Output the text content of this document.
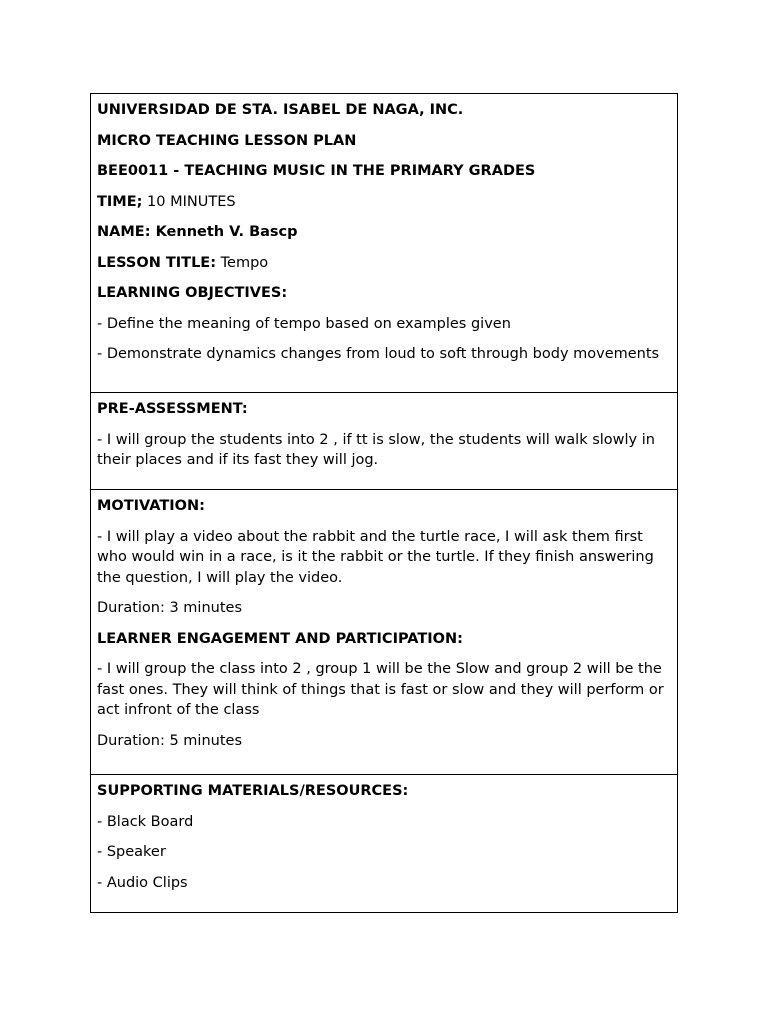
UNIVERSIDAD DE STA. ISABEL DE NAGA, INC.

MICRO TEACHING LESSON PLAN

BEE0011 - TEACHING MUSIC IN THE PRIMARY GRADES

TIME; 10 MINUTES

NAME: Kenneth V. Bascp

LESSON TITLE: Tempo

LEARNING OBJECTIVES:

- Define the meaning of tempo based on examples given

- Demonstrate dynamics changes from loud to soft through body movements

PRE-ASSESSMENT:

- I will group the students into 2 , if tt is slow, the students will walk slowly in their places and if its fast they will jog.

MOTIVATION:

- I will play a video about the rabbit and the turtle race, I will ask them first who would win in a race, is it the rabbit or the turtle. If they finish answering the question, I will play the video.

Duration: 3 minutes

LEARNER ENGAGEMENT AND PARTICIPATION:

- I will group the class into 2 , group 1 will be the Slow and group 2 will be the fast ones. They will think of things that is fast or slow and they will perform or act infront of the class

Duration: 5 minutes

SUPPORTING MATERIALS/RESOURCES:

- Black Board

- Speaker

- Audio Clips
